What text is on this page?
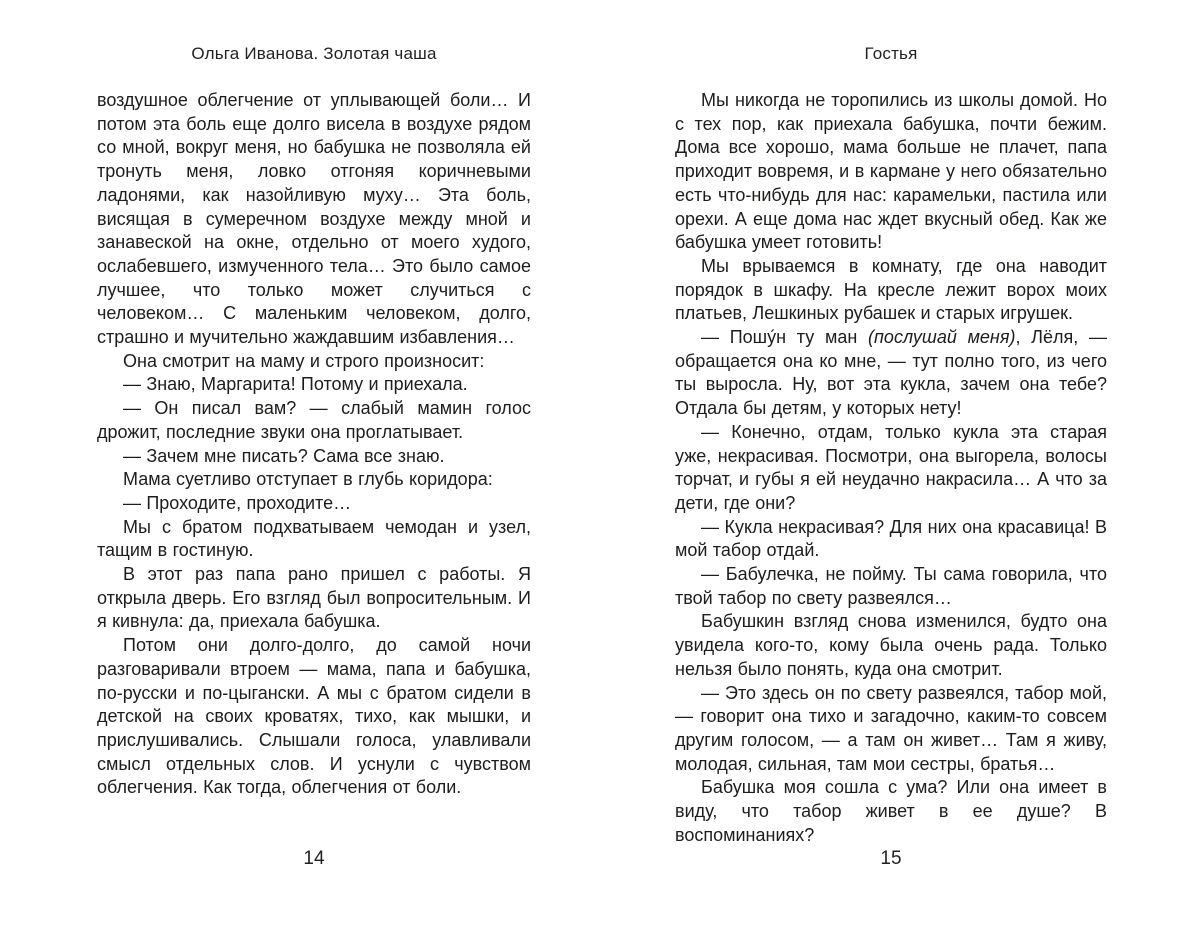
Ольга Иванова. Золотая чаша	Гостья

воздушное облегчение от уплывающей боли… И потом эта боль еще долго висела в воздухе рядом со мной, вокруг меня, но бабушка не позволяла ей тронуть меня, ловко отгоняя коричневыми ладонями, как назойливую муху… Эта боль, висящая в сумеречном воздухе между мной и занавеской на окне, отдельно от моего худого, ослабевшего, измученного тела… Это было самое лучшее, что только может случиться с человеком… С маленьким человеком, долго, страшно и мучительно жаждавшим избавления…

Она смотрит на маму и строго произносит:

— Знаю, Маргарита! Потому и приехала.

— Он писал вам? — слабый мамин голос дрожит, последние звуки она проглатывает.

— Зачем мне писать? Сама все знаю.

Мама суетливо отступает в глубь коридора:

— Проходите, проходите…

Мы с братом подхватываем чемодан и узел, тащим в гостиную.

В этот раз папа рано пришел с работы. Я открыла дверь. Его взгляд был вопросительным. И я кивнула: да, приехала бабушка.

Потом они долго-долго, до самой ночи разговаривали втроем — мама, папа и бабушка, по-русски и по-цыгански. А мы с братом сидели в детской на своих кроватях, тихо, как мышки, и прислушивались. Слышали голоса, улавливали смысл отдельных слов. И уснули с чувством облегчения. Как тогда, облегчения от боли.

Мы никогда не торопились из школы домой. Но с тех пор, как приехала бабушка, почти бежим. Дома все хорошо, мама больше не плачет, папа приходит вовремя, и в кармане у него обязательно есть что-нибудь для нас: карамельки, пастила или орехи. А еще дома нас ждет вкусный обед. Как же бабушка умеет готовить!

Мы врываемся в комнату, где она наводит порядок в шкафу. На кресле лежит ворох моих платьев, Лешкиных рубашек и старых игрушек.

— Пошу́н ту ман (послушай меня), Лёля, — обращается она ко мне, — тут полно того, из чего ты выросла. Ну, вот эта кукла, зачем она тебе? Отдала бы детям, у которых нету!

— Конечно, отдам, только кукла эта старая уже, некрасивая. Посмотри, она выгорела, волосы торчат, и губы я ей неудачно накрасила… А что за дети, где они?

— Кукла некрасивая? Для них она красавица! В мой табор отдай.

— Бабулечка, не пойму. Ты сама говорила, что твой табор по свету развеялся…

Бабушкин взгляд снова изменился, будто она увидела кого-то, кому была очень рада. Только нельзя было понять, куда она смотрит.

— Это здесь он по свету развеялся, табор мой, — говорит она тихо и загадочно, каким-то совсем другим голосом, — а там он живет… Там я живу, молодая, сильная, там мои сестры, братья…

Бабушка моя сошла с ума? Или она имеет в виду, что табор живет в ее душе? В воспоминаниях?

14	15
